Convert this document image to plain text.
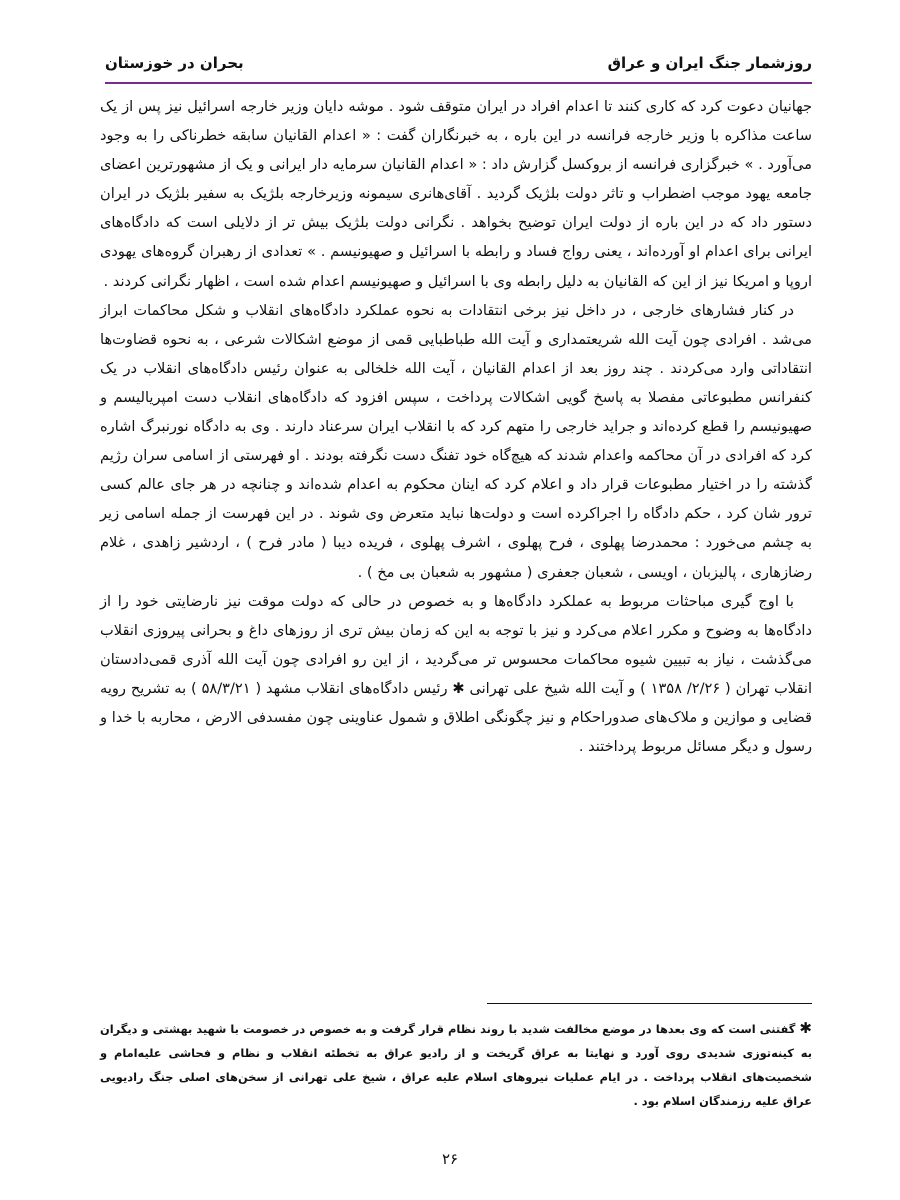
روزشمار جنگ ایران و عراق
بحران در خوزستان

جهانیان دعوت کرد که کاری کنند تا اعدام افراد در ایران متوقف شود . موشه دایان وزیر خارجه اسرائیل نیز پس از یک ساعت مذاکره با وزیر خارجه فرانسه در این باره ، به خبرنگاران گفت : « اعدام القانیان سابقه خطرناکی را به وجود می‌آورد . » خبرگزاری فرانسه از بروکسل گزارش داد : « اعدام القانیان سرمایه دار ایرانی و یک از مشهورترین اعضای جامعه یهود موجب اضطراب و تاثر دولت بلژیک گردید . آقای‌هانری سیمونه وزیرخارجه بلژیک به سفیر بلژیک در ایران دستور داد که در این باره از دولت ایران توضیح بخواهد . نگرانی دولت بلژیک بیش تر از دلایلی است که دادگاه‌های ایرانی برای اعدام او آورده‌اند ، یعنی رواج فساد و رابطه با اسرائیل و صهیونیسم . » تعدادی از رهبران گروه‌های یهودی اروپا و امریکا نیز از این که القانیان به دلیل رابطه وی با اسرائیل و صهیونیسم اعدام شده است ، اظهار نگرانی کردند .

در کنار فشارهای خارجی ، در داخل نیز برخی انتقادات به نحوه عملکرد دادگاه‌های انقلاب و شکل محاکمات ابراز می‌شد . افرادی چون آیت الله شریعتمداری و آیت الله طباطبایی قمی از موضع اشکالات شرعی ، به نحوه قضاوت‌ها انتقاداتی وارد می‌کردند . چند روز بعد از اعدام القانیان ، آیت الله خلخالی به عنوان رئیس دادگاه‌های انقلاب در یک کنفرانس مطبوعاتی مفصلا به پاسخ گویی اشکالات پرداخت ، سپس افزود که دادگاه‌های انقلاب دست امپریالیسم و صهیونیسم را قطع کرده‌اند و جراید خارجی را متهم کرد که با انقلاب ایران سرعناد دارند . وی به دادگاه نورنبرگ اشاره کرد که افرادی در آن محاکمه واعدام شدند که هیچ‌گاه خود تفنگ دست نگرفته بودند . او فهرستی از اسامی سران رژیم گذشته را در اختیار مطبوعات قرار داد و اعلام کرد که اینان محکوم به اعدام شده‌اند و چنانچه در هر جای عالم کسی ترور شان کرد ، حکم دادگاه را اجراکرده است و دولت‌ها نباید متعرض وی شوند . در این فهرست از جمله اسامی زیر به چشم می‌خورد : محمدرضا پهلوی ، فرح پهلوی ، اشرف پهلوی ، فریده دیبا ( مادر فرح ) ، اردشیر زاهدی ، غلام رضازهاری ، پالیزبان ، اویسی ، شعبان جعفری ( مشهور به شعبان بی مخ ) .

با اوج گیری مباحثات مربوط به عملکرد دادگاه‌ها و به خصوص در حالی که دولت موقت نیز نارضایتی خود را از دادگاه‌ها به وضوح و مکرر اعلام می‌کرد و نیز با توجه به این که زمان بیش تری از روزهای داغ و بحرانی پیروزی انقلاب می‌گذشت ، نیاز به تبیین شیوه محاکمات محسوس تر می‌گردید ، از این رو افرادی چون آیت الله آذری قمی‌دادستان انقلاب تهران ( ۲/۲۶/ ۱۳۵۸ ) و آیت الله شیخ علی تهرانی ✱ رئیس دادگاه‌های انقلاب مشهد ( ۵۸/۳/۲۱ ) به تشریح رویه قضایی و موازین و ملاک‌های صدوراحکام و نیز چگونگی اطلاق و شمول عناوینی چون مفسدفی الارض ، محاربه با خدا و رسول و دیگر مسائل مربوط پرداختند .

✱ گفتنی است که وی بعدها در موضع مخالفت شدید با روند نظام قرار گرفت و به خصوص در خصومت با شهید بهشتی و دیگران به کینه‌توزی شدیدی روی آورد و نهایتا به عراق گریخت و از رادیو عراق به تخطئه انقلاب و نظام و فحاشی علیه‌امام و شخصیت‌های انقلاب پرداخت . در ایام عملیات نیروهای اسلام علیه عراق ، شیخ علی تهرانی از سخن‌های اصلی جنگ رادیویی عراق علیه رزمندگان اسلام بود .
۲۶
